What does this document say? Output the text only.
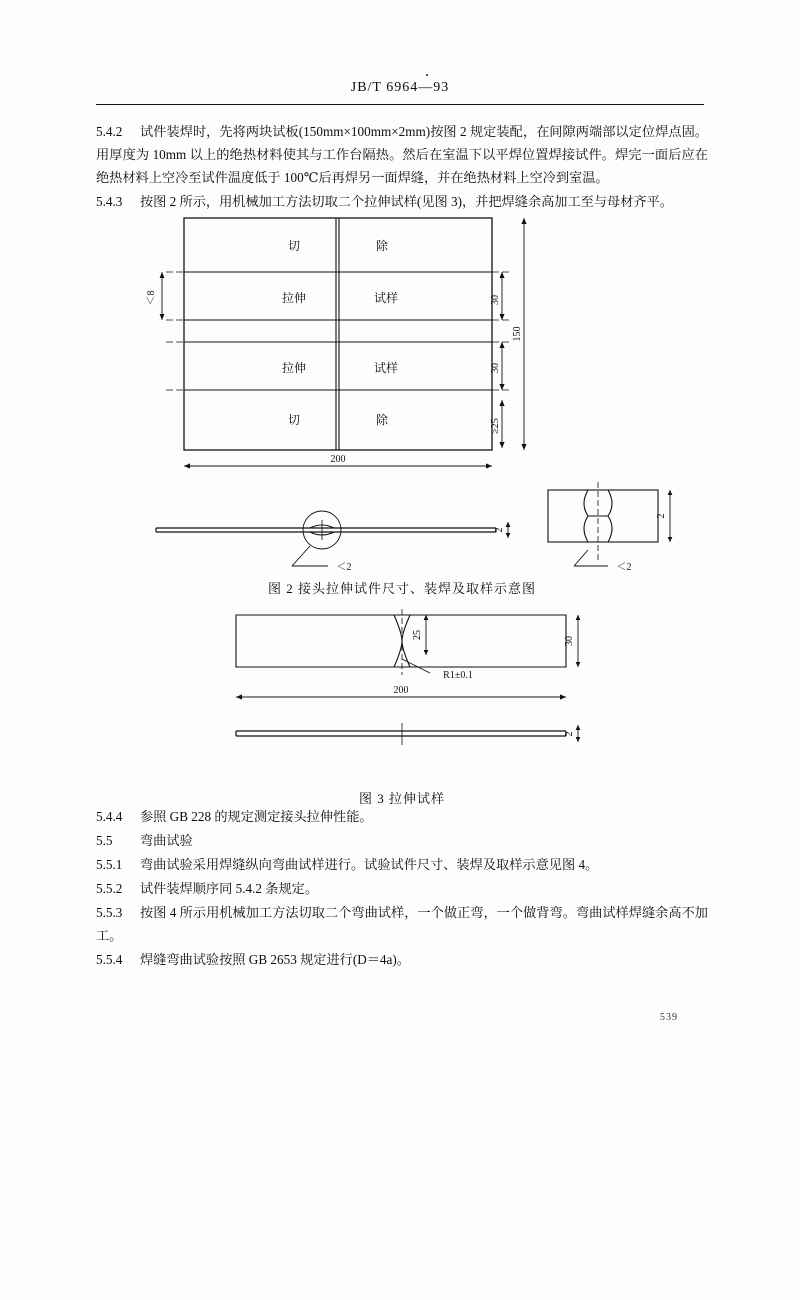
JB/T 6964—93

5.4.2 试件装焊时，先将两块试板(150mm×100mm×2mm)按图 2 规定装配，在间隙两端部以定位焊点固。用厚度为 10mm 以上的绝热材料使其与工作台隔热。然后在室温下以平焊位置焊接试件。焊完一面后应在绝热材料上空冷至试件温度低于 100℃后再焊另一面焊缝，并在绝热材料上空冷到室温。

5.4.3 按图 2 所示，用机械加工方法切取二个拉伸试样(见图 3)，并把焊缝余高加工至与母材齐平。

切	除
拉伸	试样
拉伸	试样
切	除
30
30
≥25
150
200
＜8
＜2
2
2
＜2
图 2 接头拉伸试件尺寸、装焊及取样示意图
30
25
R1±0.1
200
2
图 3 拉伸试样

5.4.4 参照 GB 228 的规定测定接头拉伸性能。

5.5 弯曲试验

5.5.1 弯曲试验采用焊缝纵向弯曲试样进行。试验试件尺寸、装焊及取样示意见图 4。

5.5.2 试件装焊顺序同 5.4.2 条规定。

5.5.3 按图 4 所示用机械加工方法切取二个弯曲试样，一个做正弯，一个做背弯。弯曲试样焊缝余高不加工。

5.5.4 焊缝弯曲试验按照 GB 2653 规定进行(D＝4a)。

539
